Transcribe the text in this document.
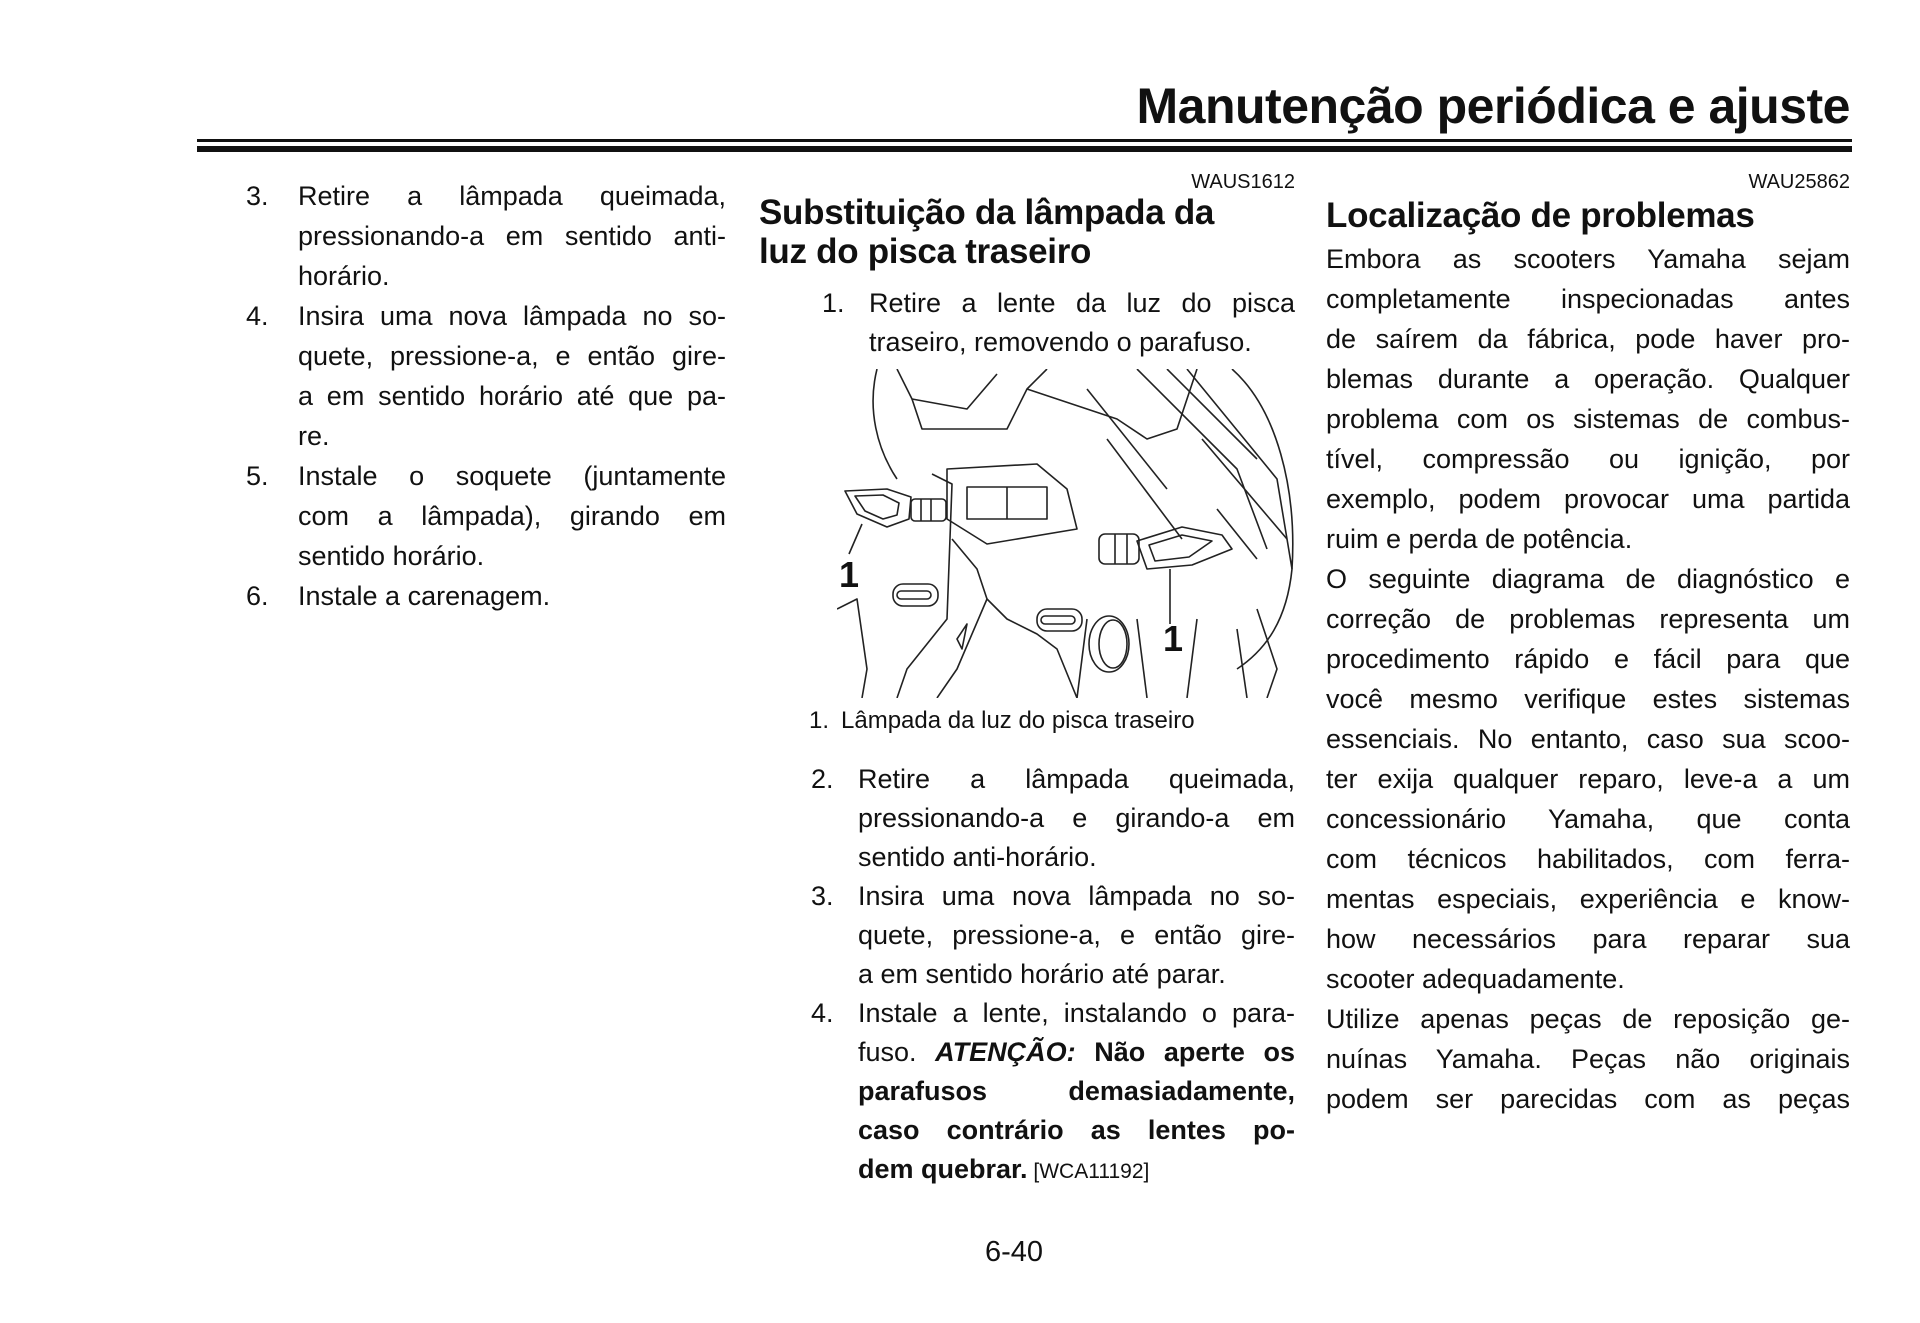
Manutenção periódica e ajuste
3. Retire a lâmpada queimada,
pressionando-a em sentido anti-
horário.
4. Insira uma nova lâmpada no so-
quete, pressione-a, e então gire-
a em sentido horário até que pa-
re.
5. Instale o soquete (juntamente
com a lâmpada), girando em
sentido horário.
6. Instale a carenagem.
WAUS1612
Substituição da lâmpada da
luz do pisca traseiro
1. Retire a lente da luz do pisca
traseiro, removendo o parafuso.
1
1
1. Lâmpada da luz do pisca traseiro
2. Retire a lâmpada queimada,
pressionando-a e girando-a em
sentido anti-horário.
3. Insira uma nova lâmpada no so-
quete, pressione-a, e então gire-
a em sentido horário até parar.
4. Instale a lente, instalando o para-
fuso. ATENÇÃO: Não aperte os
parafusos demasiadamente,
caso contrário as lentes po-
dem quebrar. [WCA11192]
WAU25862
Localização de problemas
Embora as scooters Yamaha sejam
completamente inspecionadas antes
de saírem da fábrica, pode haver pro-
blemas durante a operação. Qualquer
problema com os sistemas de combus-
tível, compressão ou ignição, por
exemplo, podem provocar uma partida
ruim e perda de potência.
O seguinte diagrama de diagnóstico e
correção de problemas representa um
procedimento rápido e fácil para que
você mesmo verifique estes sistemas
essenciais. No entanto, caso sua scoo-
ter exija qualquer reparo, leve-a a um
concessionário Yamaha, que conta
com técnicos habilitados, com ferra-
mentas especiais, experiência e know-
how necessários para reparar sua
scooter adequadamente.
Utilize apenas peças de reposição ge-
nuínas Yamaha. Peças não originais
podem ser parecidas com as peças
6-40
